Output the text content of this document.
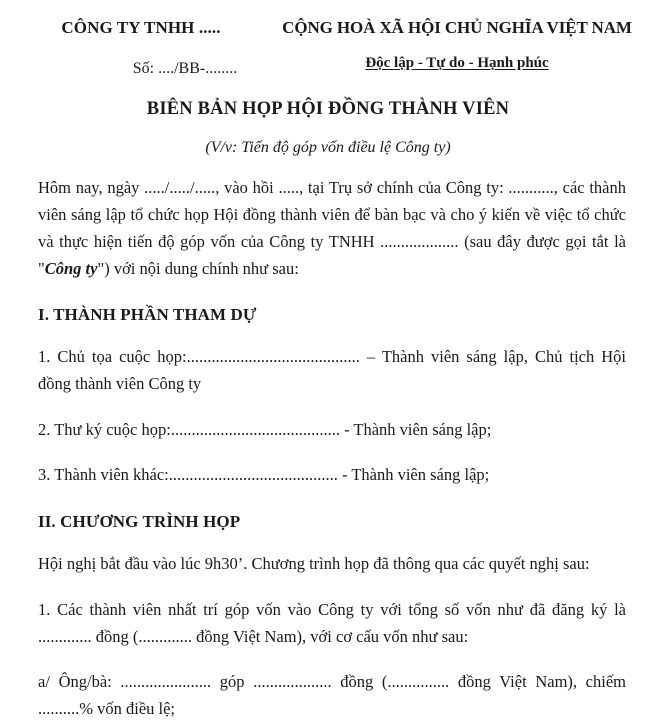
CÔNG TY TNHH .....
Số: ..../BB-........
CỘNG HOÀ XÃ HỘI CHỦ NGHĨA VIỆT NAM
Độc lập - Tự do - Hạnh phúc
BIÊN BẢN HỌP HỘI ĐỒNG THÀNH VIÊN
(V/v: Tiến độ góp vốn điều lệ Công ty)

Hôm nay, ngày ...../...../....., vào hồi ....., tại Trụ sở chính của Công ty: ..........., các thành viên sáng lập tổ chức họp Hội đồng thành viên để bàn bạc và cho ý kiến về việc tổ chức và thực hiện tiến độ góp vốn của Công ty TNHH ................... (sau đây được gọi tắt là "Công ty") với nội dung chính như sau:

I. THÀNH PHẦN THAM DỰ

1. Chủ tọa cuộc họp:.......................................... – Thành viên sáng lập, Chủ tịch Hội đồng thành viên Công ty

2. Thư ký cuộc họp:......................................... - Thành viên sáng lập;

3. Thành viên khác:......................................... - Thành viên sáng lập;

II. CHƯƠNG TRÌNH HỌP

Hội nghị bắt đầu vào lúc 9h30’. Chương trình họp đã thông qua các quyết nghị sau:

1. Các thành viên nhất trí góp vốn vào Công ty với tổng số vốn như đã đăng ký là ............. đồng (............. đồng Việt Nam), với cơ cấu vốn như sau:

a/ Ông/bà: ...................... góp ................... đồng (............... đồng Việt Nam), chiếm ..........% vốn điều lệ;
